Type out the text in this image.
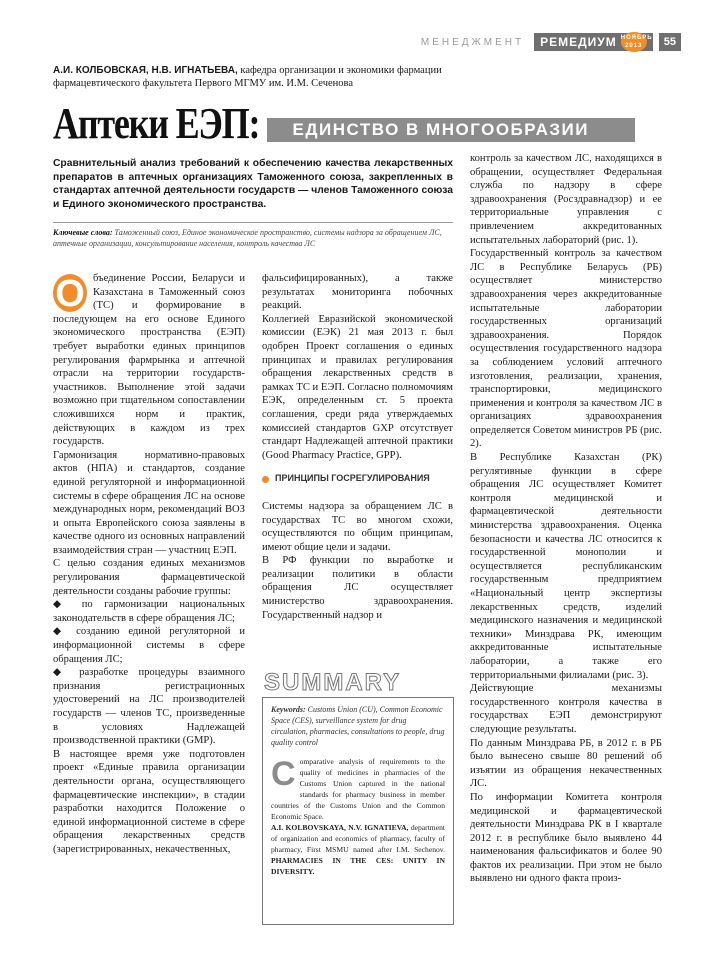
МЕНЕДЖМЕНТ РЕМЕДИУМ НОЯБРЬ 2013	55
А.И. КОЛБОВСКАЯ, Н.В. ИГНАТЬЕВА, кафедра организации и экономики фармации фармацевтического факультета Первого МГМУ им. И.М. Сеченова
Аптеки ЕЭП:	ЕДИНСТВО В МНОГООБРАЗИИ
Сравнительный анализ требований к обеспечению качества лекарственных препаратов в аптечных организациях Таможенного союза, закрепленных в стандартах аптечной деятельности государств — членов Таможенного союза и Единого экономического пространства.
Ключевые слова: Таможенный союз, Единое экономическое пространство, системы надзора за обращением ЛС, аптечные организации, консультирование населения, контроль качества ЛС

О бъединение России, Беларуси и Казахстана в Таможенный союз (ТС) и формирование в последующем на его основе Единого экономического пространства (ЕЭП) требует выработки единых принципов регулирования фармрынка и аптечной отрасли на территории государств-участников. Выполнение этой задачи возможно при тщательном сопоставлении сложившихся норм и практик, действующих в каждом из трех государств.

Гармонизация нормативно-правовых актов (НПА) и стандартов, создание единой регуляторной и информационной системы в сфере обращения ЛС на основе международных норм, рекомендаций ВОЗ и опыта Европейского союза заявлены в качестве одного из основных направлений взаимодействия стран — участниц ЕЭП.

С целью создания единых механизмов регулирования фармацевтической деятельности созданы рабочие группы:

◆ по гармонизации национальных законодательств в сфере обращения ЛС;

◆ созданию единой регуляторной и информационной системы в сфере обращения ЛС;

◆ разработке процедуры взаимного признания регистрационных удостоверений на ЛС производителей государств — членов ТС, произведенные в условиях Надлежащей производственной практики (GMP).

В настоящее время уже подготовлен проект «Единые правила организации деятельности органа, осуществляющего фармацевтические инспекции», в стадии разработки находится Положение о единой информационной системе в сфере обращения лекарственных средств (зарегистрированных, некачественных,

фальсифицированных), а также результатах мониторинга побочных реакций.

Коллегией Евразийской экономической комиссии (ЕЭК) 21 мая 2013 г. был одобрен Проект соглашения о единых принципах и правилах регулирования обращения лекарственных средств в рамках ТС и ЕЭП. Согласно полномочиям ЕЭК, определенным ст. 5 проекта соглашения, среди ряда утверждаемых комиссией стандартов GXP отсутствует стандарт Надлежащей аптечной практики (Good Pharmacy Practice, GPP).

ПРИНЦИПЫ ГОСРЕГУЛИРОВАНИЯ

Системы надзора за обращением ЛС в государствах ТС во многом схожи, осуществляются по общим принципам, имеют общие цели и задачи.

В РФ функции по выработке и реализации политики в области обращения ЛС осуществляет министерство здравоохранения. Государственный надзор и

SUMMARY
Keywords: Customs Union (CU), Common Economic Space (CES), surveillance system for drug circulation, pharmacies, consultations to people, drug quality control
Comparative analysis of requirements to the quality of medicines in pharmacies of the Customs Union captured in the national standards for pharmacy business in member countries of the Customs Union and the Common Economic Space.
A.I. KOLBOVSKAYA, N.V. IGNATIEVA, department of organization and economics of pharmacy, faculty of pharmacy, First MSMU named after I.M. Sechenov. PHARMACIES IN THE CES: UNITY IN DIVERSITY.

контроль за качеством ЛС, находящихся в обращении, осуществляет Федеральная служба по надзору в сфере здравоохранения (Росздравнадзор) и ее территориальные управления с привлечением аккредитованных испытательных лабораторий (рис. 1).

Государственный контроль за качеством ЛС в Республике Беларусь (РБ) осуществляет министерство здравоохранения через аккредитованные испытательные лаборатории государственных организаций здравоохранения. Порядок осуществления государственного надзора за соблюдением условий аптечного изготовления, реализации, хранения, транспортировки, медицинского применения и контроля за качеством ЛС в организациях здравоохранения определяется Советом министров РБ (рис. 2).

В Республике Казахстан (РК) регулятивные функции в сфере обращения ЛС осуществляет Комитет контроля медицинской и фармацевтической деятельности министерства здравоохранения. Оценка безопасности и качества ЛС относится к государственной монополии и осуществляется республиканским государственным предприятием «Национальный центр экспертизы лекарственных средств, изделий медицинского назначения и медицинской техники» Минздрава РК, имеющим аккредитованные испытательные лаборатории, а также его территориальными филиалами (рис. 3).

Действующие механизмы государственного контроля качества в государствах ЕЭП демонстрируют следующие результаты.

По данным Минздрава РБ, в 2012 г. в РБ было вынесено свыше 80 решений об изъятии из обращения некачественных ЛС.

По информации Комитета контроля медицинской и фармацевтической деятельности Минздрава РК в I квартале 2012 г. в республике было выявлено 44 наименования фальсификатов и более 90 фактов их реализации. При этом не было выявлено ни одного факта произ-
